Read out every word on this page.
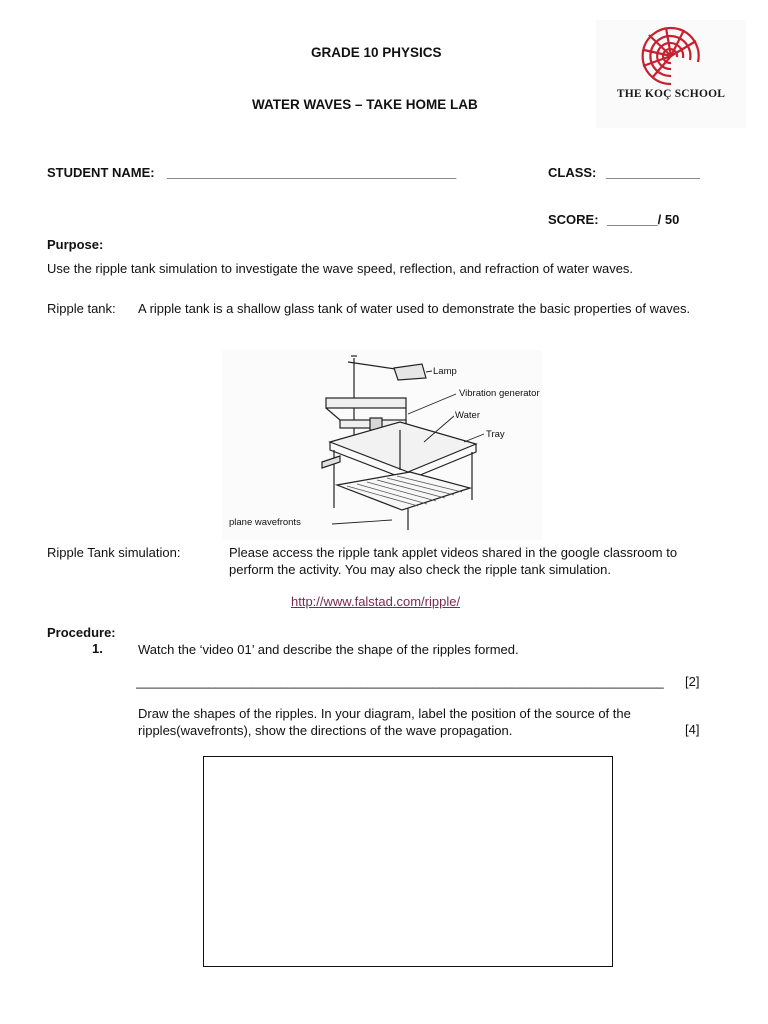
GRADE 10 PHYSICS
WATER WAVES – TAKE HOME LAB
THE KOÇ SCHOOL
STUDENT NAME: ________________________________________	CLASS: _____________
SCORE: _______/ 50
Purpose:
Use the ripple tank simulation to investigate the wave speed, reflection, and refraction of water waves.
Ripple tank: A ripple tank is a shallow glass tank of water used to demonstrate the basic properties of waves.
Lamp
Vibration generator
Water
Tray
plane wavefronts
Ripple Tank simulation:	Please access the ripple tank applet videos shared in the google classroom to perform the activity. You may also check the ripple tank simulation.
http://www.falstad.com/ripple/
Procedure:
1.	Watch the ‘video 01’ and describe the shape of the ripples formed.
_________________________________________________________________________	[2]
Draw the shapes of the ripples. In your diagram, label the position of the source of the ripples(wavefronts), show the directions of the wave propagation.	[4]
